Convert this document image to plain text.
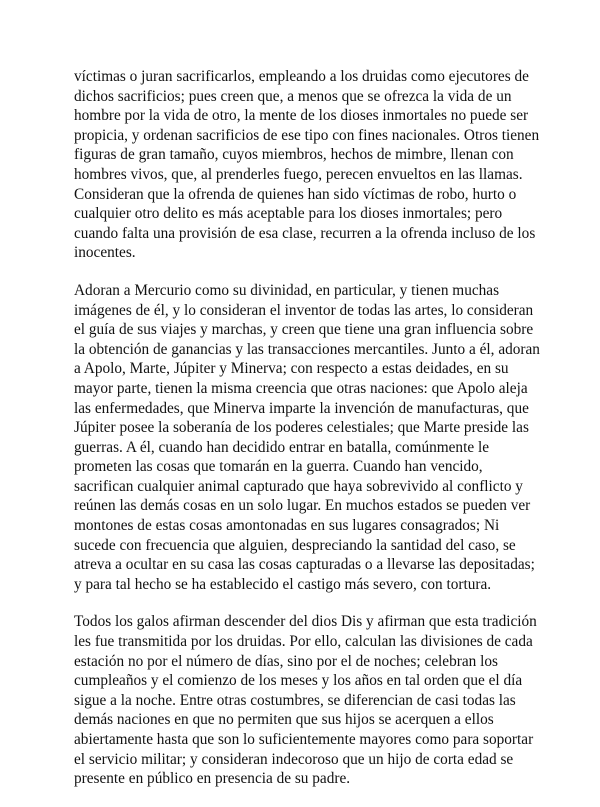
víctimas o juran sacrificarlos, empleando a los druidas como ejecutores de
dichos sacrificios; pues creen que, a menos que se ofrezca la vida de un
hombre por la vida de otro, la mente de los dioses inmortales no puede ser
propicia, y ordenan sacrificios de ese tipo con fines nacionales. Otros tienen
figuras de gran tamaño, cuyos miembros, hechos de mimbre, llenan con
hombres vivos, que, al prenderles fuego, perecen envueltos en las llamas.
Consideran que la ofrenda de quienes han sido víctimas de robo, hurto o
cualquier otro delito es más aceptable para los dioses inmortales; pero
cuando falta una provisión de esa clase, recurren a la ofrenda incluso de los
inocentes.

Adoran a Mercurio como su divinidad, en particular, y tienen muchas
imágenes de él, y lo consideran el inventor de todas las artes, lo consideran
el guía de sus viajes y marchas, y creen que tiene una gran influencia sobre
la obtención de ganancias y las transacciones mercantiles. Junto a él, adoran
a Apolo, Marte, Júpiter y Minerva; con respecto a estas deidades, en su
mayor parte, tienen la misma creencia que otras naciones: que Apolo aleja
las enfermedades, que Minerva imparte la invención de manufacturas, que
Júpiter posee la soberanía de los poderes celestiales; que Marte preside las
guerras. A él, cuando han decidido entrar en batalla, comúnmente le
prometen las cosas que tomarán en la guerra. Cuando han vencido,
sacrifican cualquier animal capturado que haya sobrevivido al conflicto y
reúnen las demás cosas en un solo lugar. En muchos estados se pueden ver
montones de estas cosas amontonadas en sus lugares consagrados; Ni
sucede con frecuencia que alguien, despreciando la santidad del caso, se
atreva a ocultar en su casa las cosas capturadas o a llevarse las depositadas;
y para tal hecho se ha establecido el castigo más severo, con tortura.

Todos los galos afirman descender del dios Dis y afirman que esta tradición
les fue transmitida por los druidas. Por ello, calculan las divisiones de cada
estación no por el número de días, sino por el de noches; celebran los
cumpleaños y el comienzo de los meses y los años en tal orden que el día
sigue a la noche. Entre otras costumbres, se diferencian de casi todas las
demás naciones en que no permiten que sus hijos se acerquen a ellos
abiertamente hasta que son lo suficientemente mayores como para soportar
el servicio militar; y consideran indecoroso que un hijo de corta edad se
presente en público en presencia de su padre.
